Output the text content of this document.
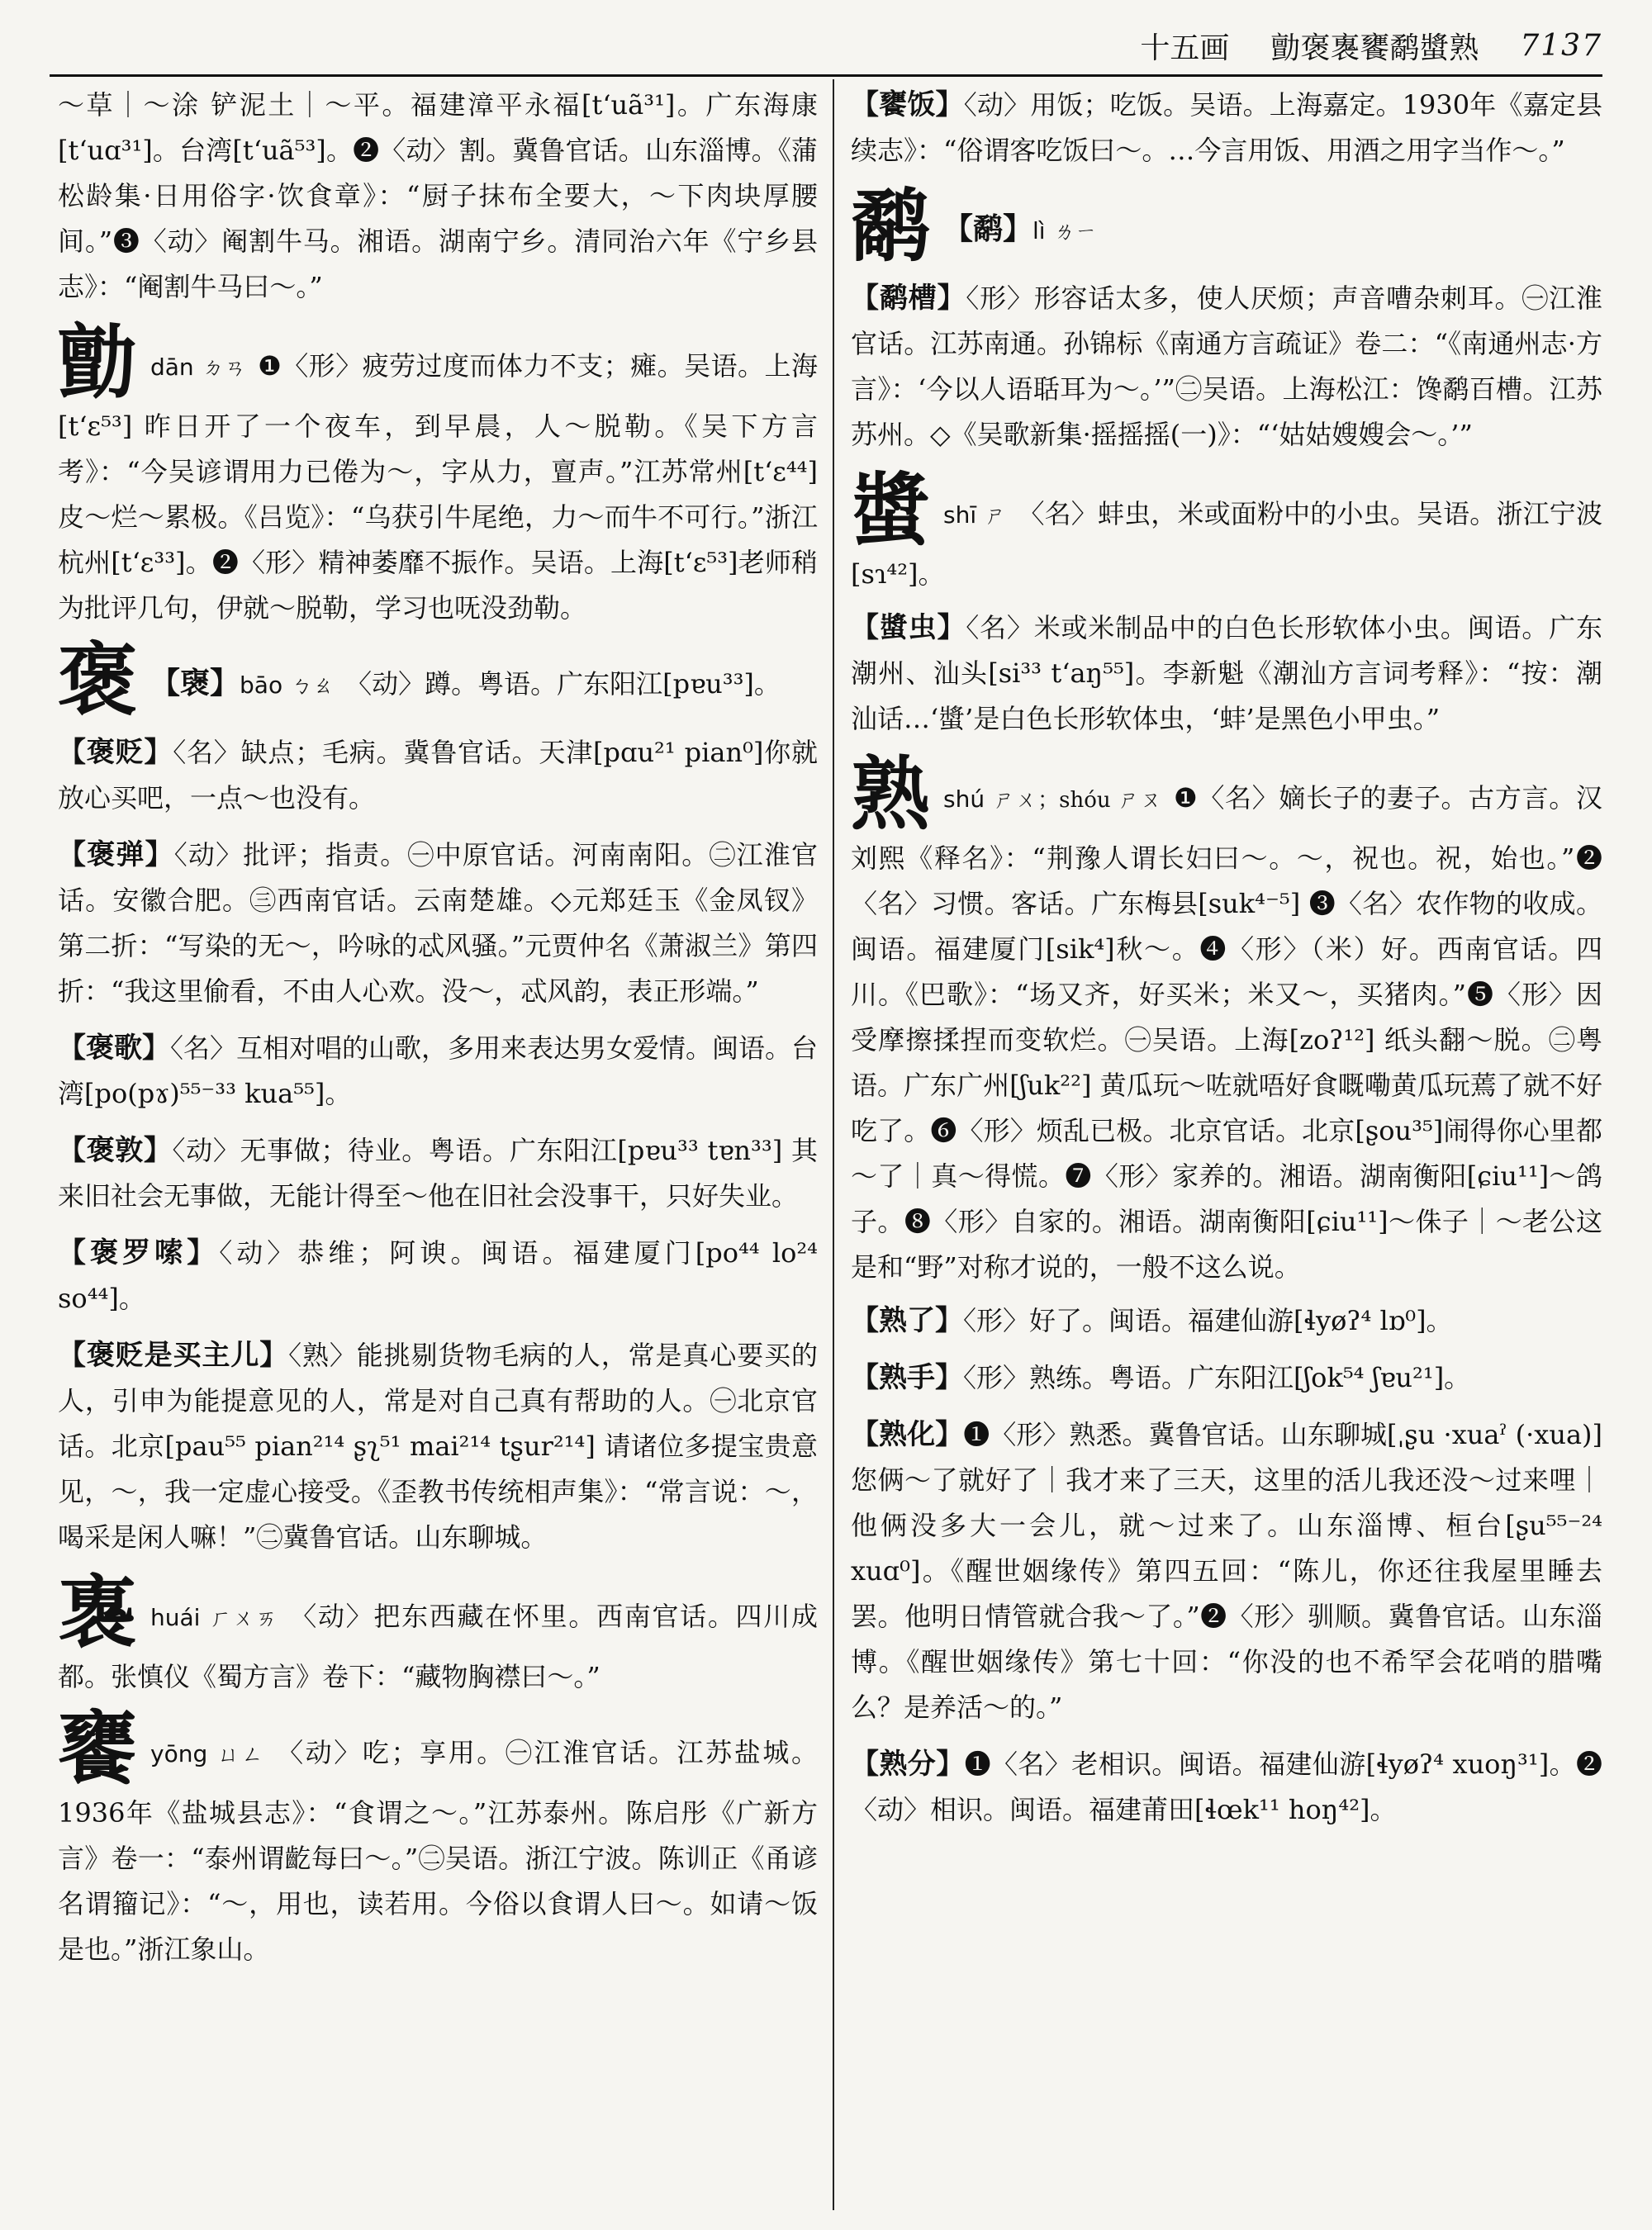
十五画 勯褒褢饔鹬螿熟 7137
～草｜～涂 铲泥土｜～平。福建漳平永福[tʻuã³¹]。广东海康[tʻuɑ³¹]。台湾[tʻuã⁵³]。❷〈动〉割。冀鲁官话。山东淄博。《蒲松龄集·日用俗字·饮食章》：“厨子抹布全要大，～下肉块厚腰间。”❸〈动〉阉割牛马。湘语。湖南宁乡。清同治六年《宁乡县志》：“阉割牛马曰～。”
勯dān ㄉㄢ ❶〈形〉疲劳过度而体力不支；瘫。吴语。上海[tʻɛ⁵³] 昨日开了一个夜车，到早晨，人～脱勒。《吴下方言考》：“今吴谚谓用力已倦为～，字从力，亶声。”江苏常州[tʻɛ⁴⁴] 皮～烂～累极。《吕览》：“乌获引牛尾绝，力～而牛不可行。”浙江杭州[tʻɛ³³]。❷〈形〉精神萎靡不振作。吴语。上海[tʻɛ⁵³]老师稍为批评几句，伊就～脱勒，学习也呒没劲勒。
褒 【襃】bāo ㄅㄠ 〈动〉蹲。粤语。广东阳江[pɐu³³]。
【褒贬】〈名〉缺点；毛病。冀鲁官话。天津[pɑu²¹ pian⁰]你就放心买吧，一点～也没有。
【褒弹】〈动〉批评；指责。㊀中原官话。河南南阳。㊁江淮官话。安徽合肥。㊂西南官话。云南楚雄。◇元郑廷玉《金凤钗》第二折：“写染的无～，吟咏的忒风骚。”元贾仲名《萧淑兰》第四折：“我这里偷看，不由人心欢。没～，忒风韵，表正形端。”
【褒歌】〈名〉互相对唱的山歌，多用来表达男女爱情。闽语。台湾[po(pɤ)⁵⁵⁻³³ kua⁵⁵]。
【褒敦】〈动〉无事做；待业。粤语。广东阳江[pɐu³³ tɐn³³] 其来旧社会无事做，无能计得至～他在旧社会没事干，只好失业。
【褒罗嗦】〈动〉恭维；阿谀。闽语。福建厦门[po⁴⁴ lo²⁴ so⁴⁴]。
【褒贬是买主儿】〈熟〉能挑剔货物毛病的人，常是真心要买的人，引申为能提意见的人，常是对自己真有帮助的人。㊀北京官话。北京[pau⁵⁵ pian²¹⁴ ʂʅ⁵¹ mai²¹⁴ tʂur²¹⁴] 请诸位多提宝贵意见，～，我一定虚心接受。《歪教书传统相声集》：“常言说：～，喝采是闲人嘛！”㊁冀鲁官话。山东聊城。
褢huái ㄏㄨㄞ 〈动〉把东西藏在怀里。西南官话。四川成都。张慎仪《蜀方言》卷下：“藏物胸襟曰～。”
饔yōng ㄩㄥ 〈动〉吃；享用。㊀江淮官话。江苏盐城。1936年《盐城县志》：“食谓之～。”江苏泰州。陈启彤《广新方言》卷一：“泰州谓齕每曰～。”㊁吴语。浙江宁波。陈训正《甬谚名谓籀记》：“～，用也，读若用。今俗以食谓人曰～。如请～饭是也。”浙江象山。
【饔饭】〈动〉用饭；吃饭。吴语。上海嘉定。1930年《嘉定县续志》：“俗谓客吃饭曰～。…今言用饭、用酒之用字当作～。”
鹬 【鹬】lì ㄌㄧ
【鹬槽】〈形〉形容话太多，使人厌烦；声音嘈杂刺耳。㊀江淮官话。江苏南通。孙锦标《南通方言疏证》卷二：“《南通州志·方言》：‘今以人语聒耳为～。’”㊁吴语。上海松江：馋鹬百槽。江苏苏州。◇《吴歌新集·摇摇摇(一)》：“‘姑姑嫂嫂会～。’”
螿shī ㄕ 〈名〉蚌虫，米或面粉中的小虫。吴语。浙江宁波[sɿ⁴²]。
【螿虫】〈名〉米或米制品中的白色长形软体小虫。闽语。广东潮州、汕头[si³³ tʻaŋ⁵⁵]。李新魁《潮汕方言词考释》：“按：潮汕话…‘螿’是白色长形软体虫，‘蚌’是黑色小甲虫。”
熟shú ㄕㄨ；shóu ㄕㄡ ❶〈名〉嫡长子的妻子。古方言。汉刘熙《释名》：“荆豫人谓长妇曰～。～，祝也。祝，始也。”❷〈名〉习惯。客话。广东梅县[suk⁴⁻⁵] ❸〈名〉农作物的收成。闽语。福建厦门[sik⁴]秋～。❹〈形〉（米）好。西南官话。四川。《巴歌》：“场又齐，好买米；米又～，买猪肉。”❺〈形〉因受摩擦揉捏而变软烂。㊀吴语。上海[zoʔ¹²] 纸头翻～脱。㊁粤语。广东广州[ʃuk²²] 黄瓜玩～咗就唔好食嘅嘞黄瓜玩蔫了就不好吃了。❻〈形〉烦乱已极。北京官话。北京[ʂou³⁵]闹得你心里都～了｜真～得慌。❼〈形〉家养的。湘语。湖南衡阳[ɕiu¹¹]～鸽子。❽〈形〉自家的。湘语。湖南衡阳[ɕiu¹¹]～侏子｜～老公这是和“野”对称才说的，一般不这么说。
【熟了】〈形〉好了。闽语。福建仙游[ɬyøʔ⁴ lɒ⁰]。
【熟手】〈形〉熟练。粤语。广东阳江[ʃok⁵⁴ ʃɐu²¹]。
【熟化】❶〈形〉熟悉。冀鲁官话。山东聊城[ˌʂu ·xuaˀ (·xua)] 您俩～了就好了｜我才来了三天，这里的活儿我还没～过来哩｜他俩没多大一会儿，就～过来了。山东淄博、桓台[ʂu⁵⁵⁻²⁴ xuɑ⁰]。《醒世姻缘传》第四五回：“陈儿，你还往我屋里睡去罢。他明日情管就合我～了。”❷〈形〉驯顺。冀鲁官话。山东淄博。《醒世姻缘传》第七十回：“你没的也不希罕会花哨的腊嘴么？是养活～的。”
【熟分】❶〈名〉老相识。闽语。福建仙游[ɬyøʔ⁴ xuoŋ³¹]。❷〈动〉相识。闽语。福建莆田[ɬœk¹¹ hoŋ⁴²]。
